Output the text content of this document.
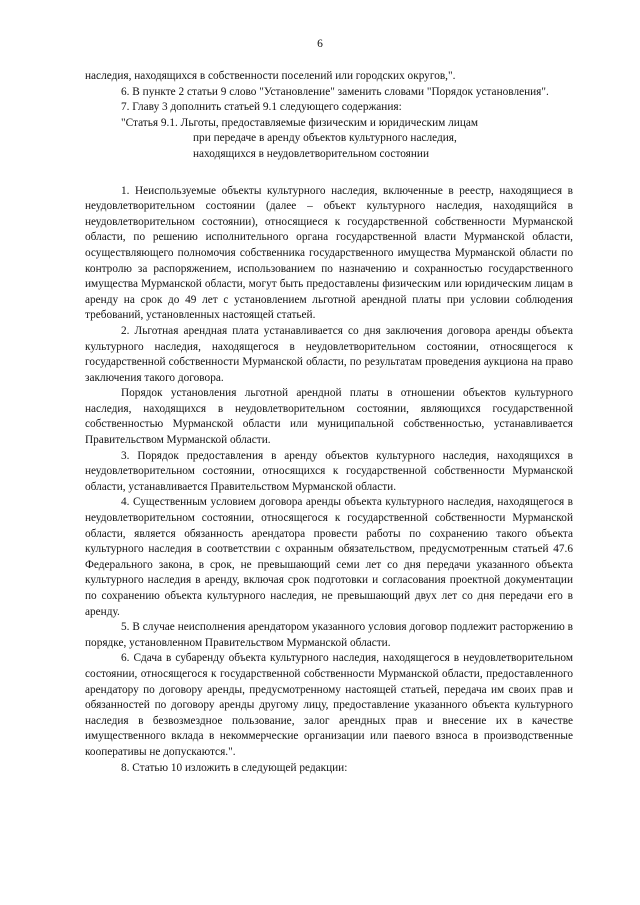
6

наследия, находящихся в собственности поселений или городских округов,".

6. В пункте 2 статьи 9 слово "Установление" заменить словами "Порядок установления".

7. Главу 3 дополнить статьей 9.1 следующего содержания:

"Статья 9.1. Льготы, предоставляемые физическим и юридическим лицам
при передаче в аренду объектов культурного наследия,
находящихся в неудовлетворительном состоянии

1. Неиспользуемые объекты культурного наследия, включенные в реестр, находящиеся в неудовлетворительном состоянии (далее – объект культурного наследия, находящийся в неудовлетворительном состоянии), относящиеся к государственной собственности Мурманской области, по решению исполнительного органа государственной власти Мурманской области, осуществляющего полномочия собственника государственного имущества Мурманской области по контролю за распоряжением, использованием по назначению и сохранностью государственного имущества Мурманской области, могут быть предоставлены физическим или юридическим лицам в аренду на срок до 49 лет с установлением льготной арендной платы при условии соблюдения требований, установленных настоящей статьей.

2. Льготная арендная плата устанавливается со дня заключения договора аренды объекта культурного наследия, находящегося в неудовлетворительном состоянии, относящегося к государственной собственности Мурманской области, по результатам проведения аукциона на право заключения такого договора.

Порядок установления льготной арендной платы в отношении объектов культурного наследия, находящихся в неудовлетворительном состоянии, являющихся государственной собственностью Мурманской области или муниципальной собственностью, устанавливается Правительством Мурманской области.

3. Порядок предоставления в аренду объектов культурного наследия, находящихся в неудовлетворительном состоянии, относящихся к государственной собственности Мурманской области, устанавливается Правительством Мурманской области.

4. Существенным условием договора аренды объекта культурного наследия, находящегося в неудовлетворительном состоянии, относящегося к государственной собственности Мурманской области, является обязанность арендатора провести работы по сохранению такого объекта культурного наследия в соответствии с охранным обязательством, предусмотренным статьей 47.6 Федерального закона, в срок, не превышающий семи лет со дня передачи указанного объекта культурного наследия в аренду, включая срок подготовки и согласования проектной документации по сохранению объекта культурного наследия, не превышающий двух лет со дня передачи его в аренду.

5. В случае неисполнения арендатором указанного условия договор подлежит расторжению в порядке, установленном Правительством Мурманской области.

6. Сдача в субаренду объекта культурного наследия, находящегося в неудовлетворительном состоянии, относящегося к государственной собственности Мурманской области, предоставленного арендатору по договору аренды, предусмотренному настоящей статьей, передача им своих прав и обязанностей по договору аренды другому лицу, предоставление указанного объекта культурного наследия в безвозмездное пользование, залог арендных прав и внесение их в качестве имущественного вклада в некоммерческие организации или паевого взноса в производственные кооперативы не допускаются.".

8. Статью 10 изложить в следующей редакции:
